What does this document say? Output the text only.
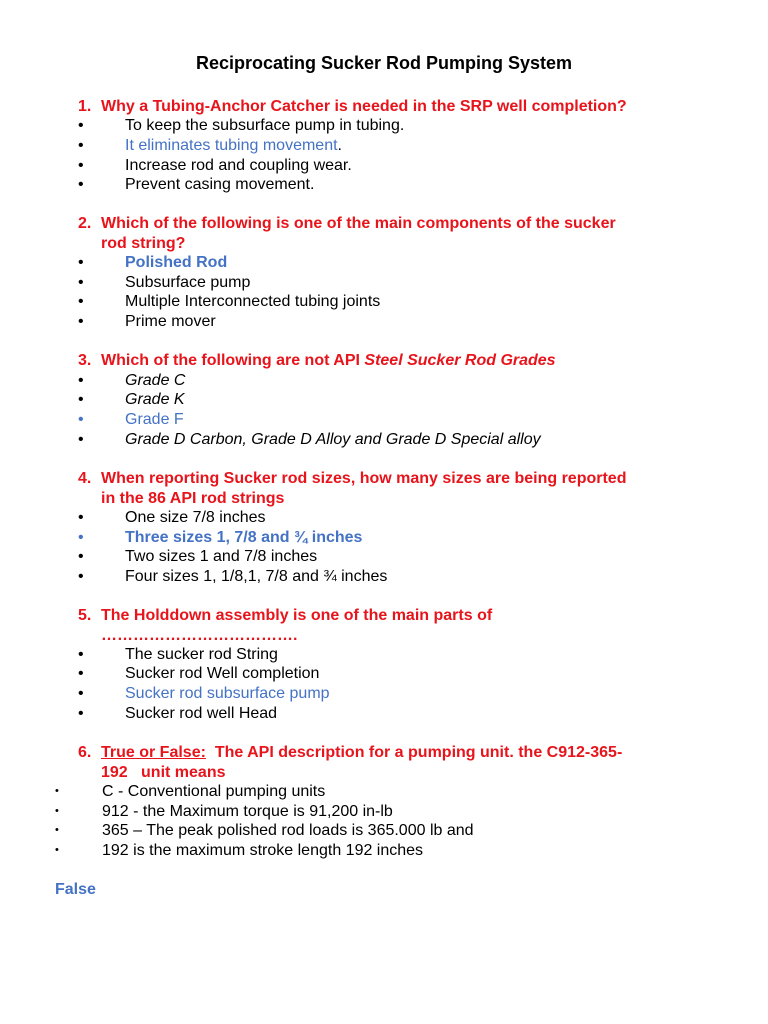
Reciprocating Sucker Rod Pumping System
1. Why a Tubing-Anchor Catcher is needed in the SRP well completion?
•	To keep the subsurface pump in tubing.
•	It eliminates tubing movement.
•	Increase rod and coupling wear.
•	Prevent casing movement.
2. Which of the following is one of the main components of the sucker
rod string?
•	Polished Rod
•	Subsurface pump
•	Multiple Interconnected tubing joints
•	Prime mover
3. Which of the following are not API Steel Sucker Rod Grades
•	Grade C
•	Grade K
•	Grade F
•	Grade D Carbon, Grade D Alloy and Grade D Special alloy
4. When reporting Sucker rod sizes, how many sizes are being reported
in the 86 API rod strings
•	One size 7/8 inches
•	Three sizes 1, 7/8 and ¾ inches
•	Two sizes 1 and 7/8 inches
•	Four sizes 1, 1/8,1, 7/8 and ¾ inches
5. The Holddown assembly is one of the main parts of
……………………………….
•	The sucker rod String
•	Sucker rod Well completion
•	Sucker rod subsurface pump
•	Sucker rod well Head
6. True or False:  The API description for a pumping unit. the C912-365-
192   unit means
•	C - Conventional pumping units
•	912 - the Maximum torque is 91,200 in-lb
•	365 – The peak polished rod loads is 365.000 lb and
•	192 is the maximum stroke length 192 inches
False
